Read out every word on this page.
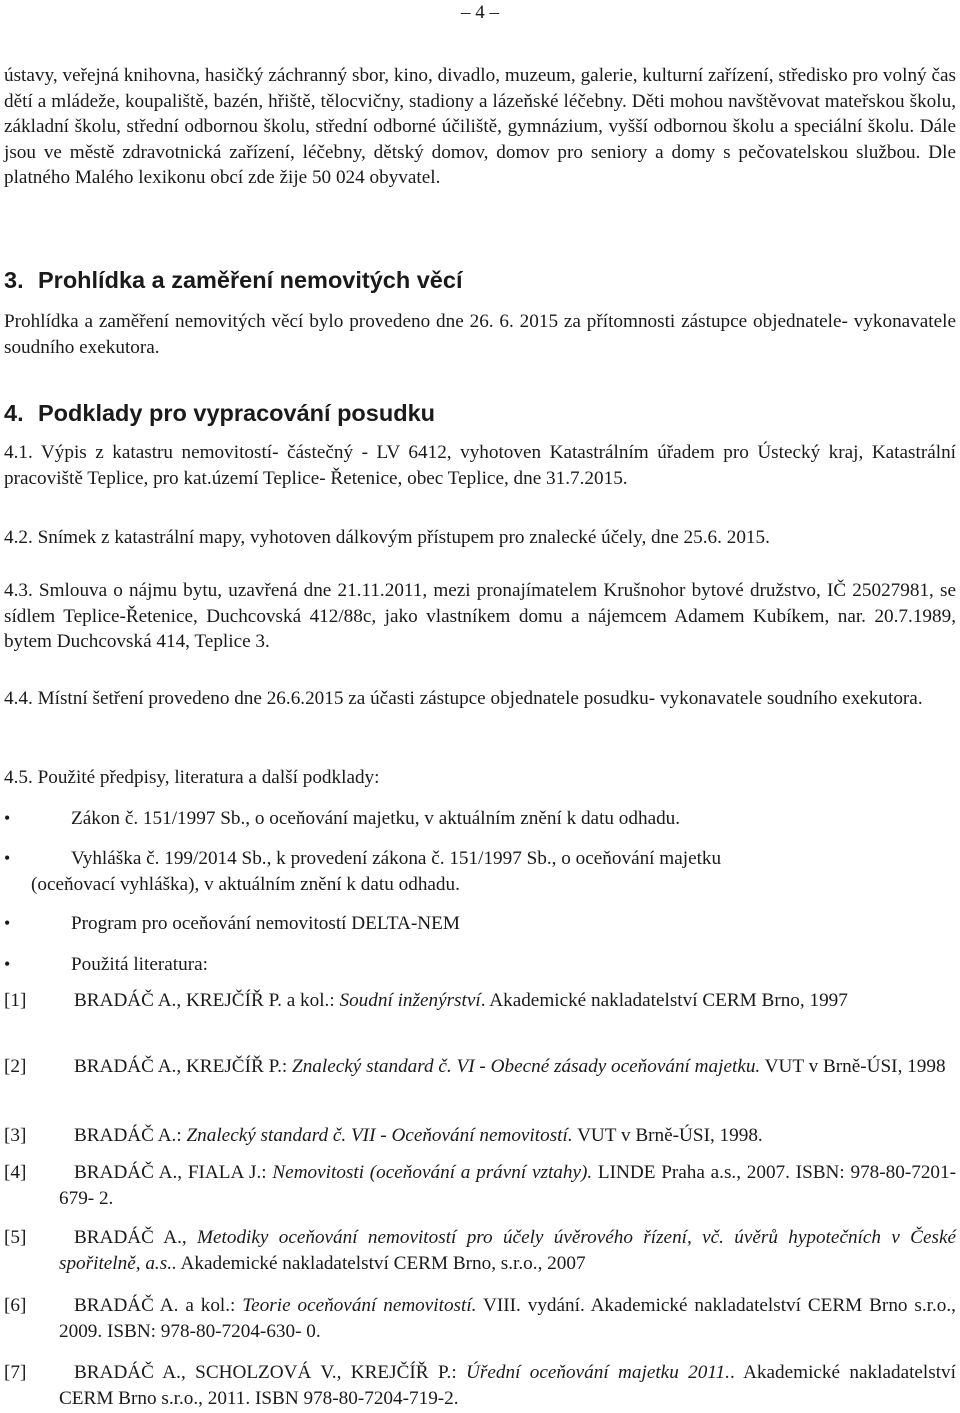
– 4 –

ústavy, veřejná knihovna, hasičký záchranný sbor, kino, divadlo, muzeum, galerie, kulturní zařízení, středisko pro volný čas dětí a mládeže, koupaliště, bazén, hřiště, tělocvičny, stadiony a lázeňské léčebny. Děti mohou navštěvovat mateřskou školu, základní školu, střední odbornou školu, střední odborné účiliště, gymnázium, vyšší odbornou školu a speciální školu. Dále jsou ve městě zdravotnická zařízení, léčebny, dětský domov, domov pro seniory a domy s pečovatelskou službou. Dle platného Malého lexikonu obcí zde žije 50 024 obyvatel.

3. Prohlídka a zaměření nemovitých věcí

Prohlídka a zaměření nemovitých věcí bylo provedeno dne 26. 6. 2015 za přítomnosti zástupce objednatele- vykonavatele soudního exekutora.

4. Podklady pro vypracování posudku

4.1. Výpis z katastru nemovitostí- částečný - LV 6412, vyhotoven Katastrálním úřadem pro Ústecký kraj, Katastrální pracoviště Teplice, pro kat.území Teplice- Řetenice, obec Teplice, dne 31.7.2015.

4.2. Snímek z katastrální mapy, vyhotoven dálkovým přístupem pro znalecké účely, dne 25.6. 2015.

4.3. Smlouva o nájmu bytu, uzavřená dne 21.11.2011, mezi pronajímatelem Krušnohor bytové družstvo, IČ 25027981, se sídlem Teplice-Řetenice, Duchcovská 412/88c, jako vlastníkem domu a nájemcem Adamem Kubíkem, nar. 20.7.1989, bytem Duchcovská 414, Teplice 3.

4.4. Místní šetření provedeno dne 26.6.2015 za účasti zástupce objednatele posudku- vykonavatele soudního exekutora.

4.5. Použité předpisy, literatura a další podklady:

•	Zákon č. 151/1997 Sb., o oceňování majetku, v aktuálním znění k datu odhadu.
•	Vyhláška č. 199/2014 Sb., k provedení zákona č. 151/1997 Sb., o oceňování majetku
(oceňovací vyhláška), v aktuálním znění k datu odhadu.
•	Program pro oceňování nemovitostí DELTA-NEM
•	Použitá literatura:
[1]	BRADÁČ A., KREJČÍŘ P. a kol.: Soudní inženýrství. Akademické nakladatelství CERM Brno, 1997
[2]	BRADÁČ A., KREJČÍŘ P.: Znalecký standard č. VI - Obecné zásady oceňování majetku. VUT v Brně-ÚSI, 1998
[3]	BRADÁČ A.: Znalecký standard č. VII - Oceňování nemovitostí. VUT v Brně-ÚSI, 1998.
[4]	BRADÁČ A., FIALA J.: Nemovitosti (oceňování a právní vztahy). LINDE Praha a.s., 2007. ISBN: 978-80-7201-679- 2.
[5]	BRADÁČ A., Metodiky oceňování nemovitostí pro účely úvěrového řízení, vč. úvěrů hypotečních v České spořitelně, a.s.. Akademické nakladatelství CERM Brno, s.r.o., 2007
[6]	BRADÁČ A. a kol.: Teorie oceňování nemovitostí. VIII. vydání. Akademické nakladatelství CERM Brno s.r.o., 2009. ISBN: 978-80-7204-630- 0.
[7]	BRADÁČ A., SCHOLZOVÁ V., KREJČÍŘ P.: Úřední oceňování majetku 2011.. Akademické nakladatelství CERM Brno s.r.o., 2011. ISBN 978-80-7204-719-2.
